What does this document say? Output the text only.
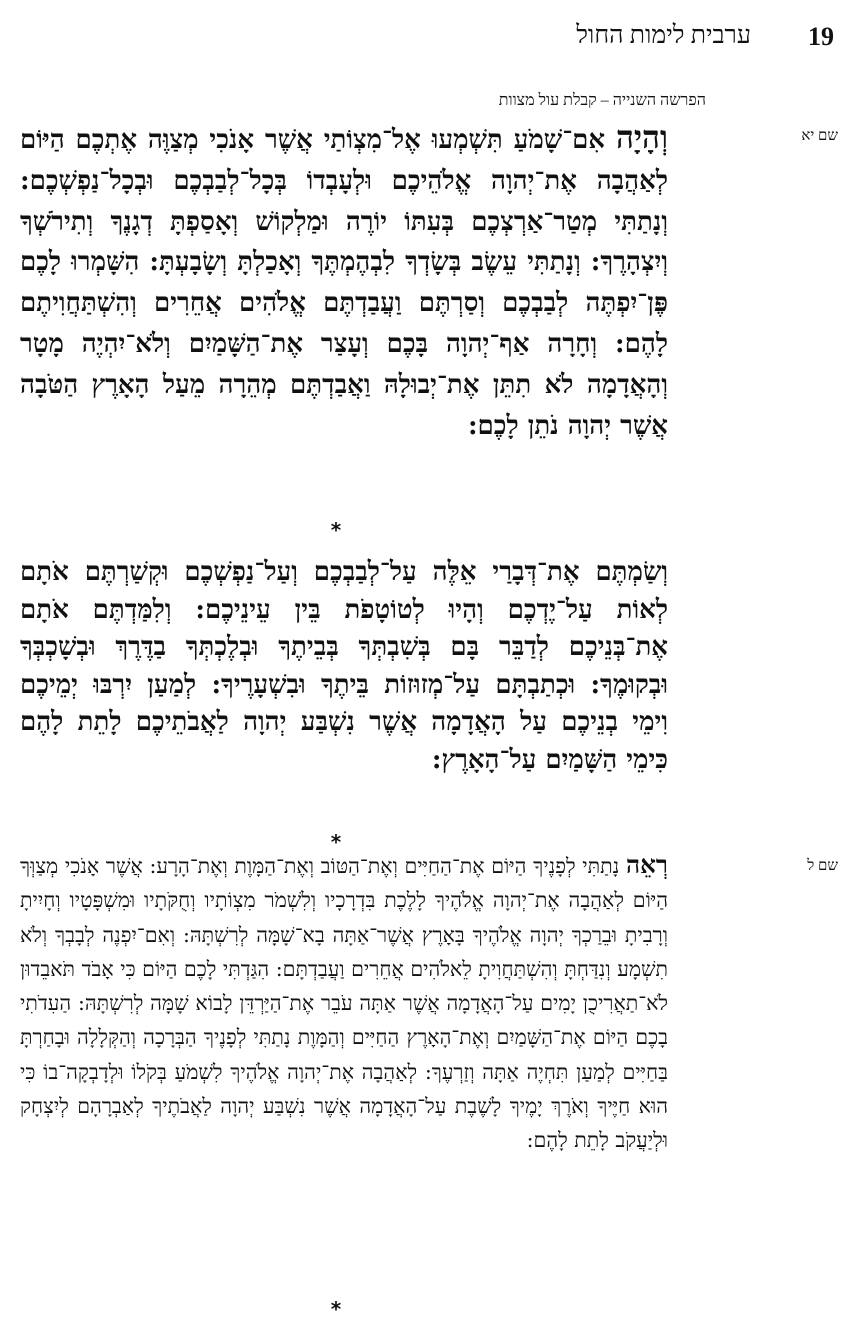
19
ערבית לימות החול
הפרשה השנייה – קבלת עול מצוות
שם יא
וְהָיָה אִם־שָׁמֹעַ תִּשְׁמְעוּ אֶל־מִצְוֹתַי אֲשֶׁר אָנֹכִי מְצַוֶּה אֶתְכֶם הַיּוֹם לְאַהֲבָה אֶת־יְהוָה אֱלֹהֵיכֶם וּלְעָבְדוֹ בְּכָל־לְבַבְכֶם וּבְכָל־נַפְשְׁכֶם: וְנָתַתִּי מְטַר־אַרְצְכֶם בְּעִתּוֹ יוֹרֶה וּמַלְקוֹשׁ וְאָסַפְתָּ דְגָנֶךָ וְתִירֹשְׁךָ וְיִצְהָרֶךָ: וְנָתַתִּי עֵשֶׂב בְּשָׂדְךָ לִבְהֶמְתֶּךָ וְאָכַלְתָּ וְשָׂבָעְתָּ: הִשָּׁמְרוּ לָכֶם פֶּן־יִפְתֶּה לְבַבְכֶם וְסַרְתֶּם וַעֲבַדְתֶּם אֱלֹהִים אֲחֵרִים וְהִשְׁתַּחֲוִיתֶם לָהֶם: וְחָרָה אַף־יְהוָה בָּכֶם וְעָצַר אֶת־הַשָּׁמַיִם וְלֹא־יִהְיֶה מָטָר וְהָאֲדָמָה לֹא תִתֵּן אֶת־יְבוּלָהּ וַאֲבַדְתֶּם מְהֵרָה מֵעַל הָאָרֶץ הַטֹּבָה אֲשֶׁר יְהוָה נֹתֵן לָכֶם:
*
וְשַׂמְתֶּם אֶת־דְּבָרַי אֵלֶּה עַל־לְבַבְכֶם וְעַל־נַפְשְׁכֶם וּקְשַׁרְתֶּם אֹתָם לְאוֹת עַל־יֶדְכֶם וְהָיוּ לְטוֹטָפֹת בֵּין עֵינֵיכֶם: וְלִמַּדְתֶּם אֹתָם אֶת־בְּנֵיכֶם לְדַבֵּר בָּם בְּשִׁבְתְּךָ בְּבֵיתֶךָ וּבְלֶכְתְּךָ בַדֶּרֶךְ וּבְשָׁכְבְּךָ וּבְקוּמֶךָ: וּכְתַבְתָּם עַל־מְזוּזוֹת בֵּיתֶךָ וּבִשְׁעָרֶיךָ: לְמַעַן יִרְבּוּ יְמֵיכֶם וִימֵי בְנֵיכֶם עַל הָאֲדָמָה אֲשֶׁר נִשְׁבַּע יְהוָה לַאֲבֹתֵיכֶם לָתֵת לָהֶם כִּימֵי הַשָּׁמַיִם עַל־הָאָרֶץ:
*
שם ל
רְאֵה נָתַתִּי לְפָנֶיךָ הַיּוֹם אֶת־הַחַיִּים וְאֶת־הַטּוֹב וְאֶת־הַמָּוֶת וְאֶת־הָרָע: אֲשֶׁר אָנֹכִי מְצַוְּךָ הַיּוֹם לְאַהֲבָה אֶת־יְהוָה אֱלֹהֶיךָ לָלֶכֶת בִּדְרָכָיו וְלִשְׁמֹר מִצְוֹתָיו וְחֻקֹּתָיו וּמִשְׁפָּטָיו וְחָיִיתָ וְרָבִיתָ וּבֵרַכְךָ יְהוָה אֱלֹהֶיךָ בָּאָרֶץ אֲשֶׁר־אַתָּה בָא־שָׁמָּה לְרִשְׁתָּהּ: וְאִם־יִפְנֶה לְבָבְךָ וְלֹא תִשְׁמָע וְנִדַּחְתָּ וְהִשְׁתַּחֲוִיתָ לֵאלֹהִים אֲחֵרִים וַעֲבַדְתָּם: הִגַּדְתִּי לָכֶם הַיּוֹם כִּי אָבֹד תֹּאבֵדוּן לֹא־תַאֲרִיכֻן יָמִים עַל־הָאֲדָמָה אֲשֶׁר אַתָּה עֹבֵר אֶת־הַיַּרְדֵּן לָבוֹא שָׁמָּה לְרִשְׁתָּהּ: הַעִדֹתִי בָכֶם הַיּוֹם אֶת־הַשָּׁמַיִם וְאֶת־הָאָרֶץ הַחַיִּים וְהַמָּוֶת נָתַתִּי לְפָנֶיךָ הַבְּרָכָה וְהַקְּלָלָה וּבָחַרְתָּ בַּחַיִּים לְמַעַן תִּחְיֶה אַתָּה וְזַרְעֶךָ: לְאַהֲבָה אֶת־יְהוָה אֱלֹהֶיךָ לִשְׁמֹעַ בְּקֹלוֹ וּלְדָבְקָה־בוֹ כִּי הוּא חַיֶּיךָ וְאֹרֶךְ יָמֶיךָ לָשֶׁבֶת עַל־הָאֲדָמָה אֲשֶׁר נִשְׁבַּע יְהוָה לַאֲבֹתֶיךָ לְאַבְרָהָם לְיִצְחָק וּלְיַעֲקֹב לָתֵת לָהֶם:
*
